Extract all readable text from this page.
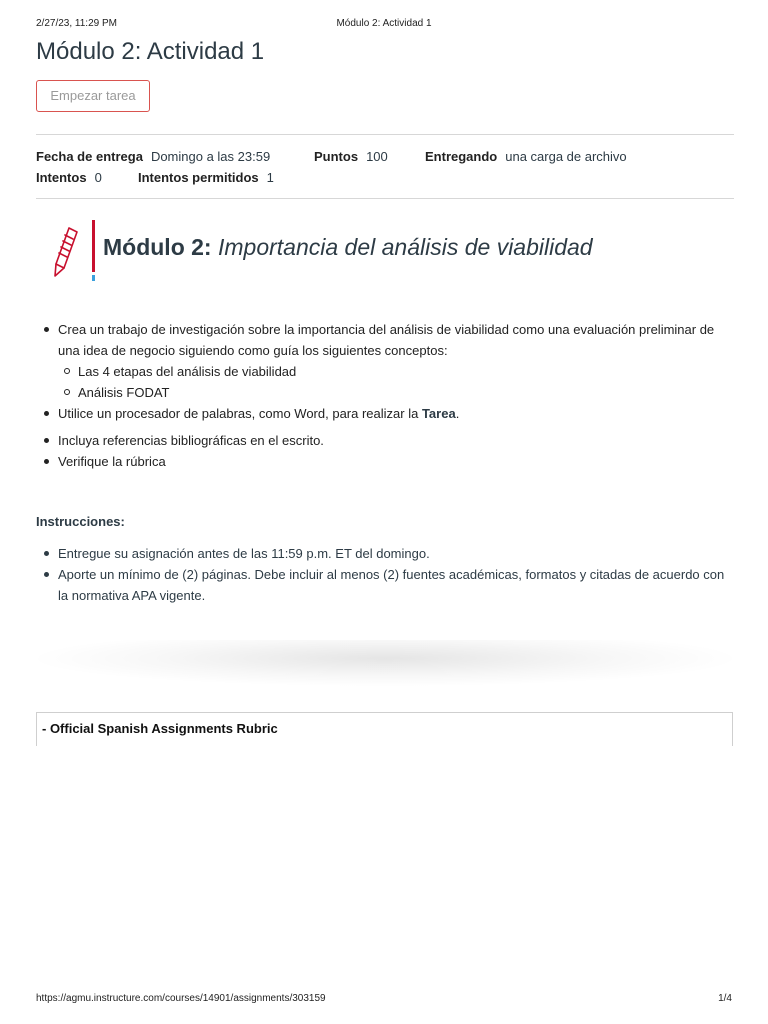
2/27/23, 11:29 PM	Módulo 2: Actividad 1
Módulo 2: Actividad 1
Empezar tarea
Fecha de entrega Domingo a las 23:59	Puntos 100	Entregando una carga de archivo
Intentos 0	Intentos permitidos 1
Módulo 2: Importancia del análisis de viabilidad
Crea un trabajo de investigación sobre la importancia del análisis de viabilidad como una evaluación preliminar de una idea de negocio siguiendo como guía los siguientes conceptos:
Las 4 etapas del análisis de viabilidad
Análisis FODAT
Utilice un procesador de palabras, como Word, para realizar la Tarea.
Incluya referencias bibliográficas en el escrito.
Verifique la rúbrica
Instrucciones:
Entregue su asignación antes de las 11:59 p.m. ET del domingo.
Aporte un mínimo de (2) páginas. Debe incluir al menos (2) fuentes académicas, formatos y citadas de acuerdo con la normativa APA vigente.
- Official Spanish Assignments Rubric
https://agmu.instructure.com/courses/14901/assignments/303159	1/4
